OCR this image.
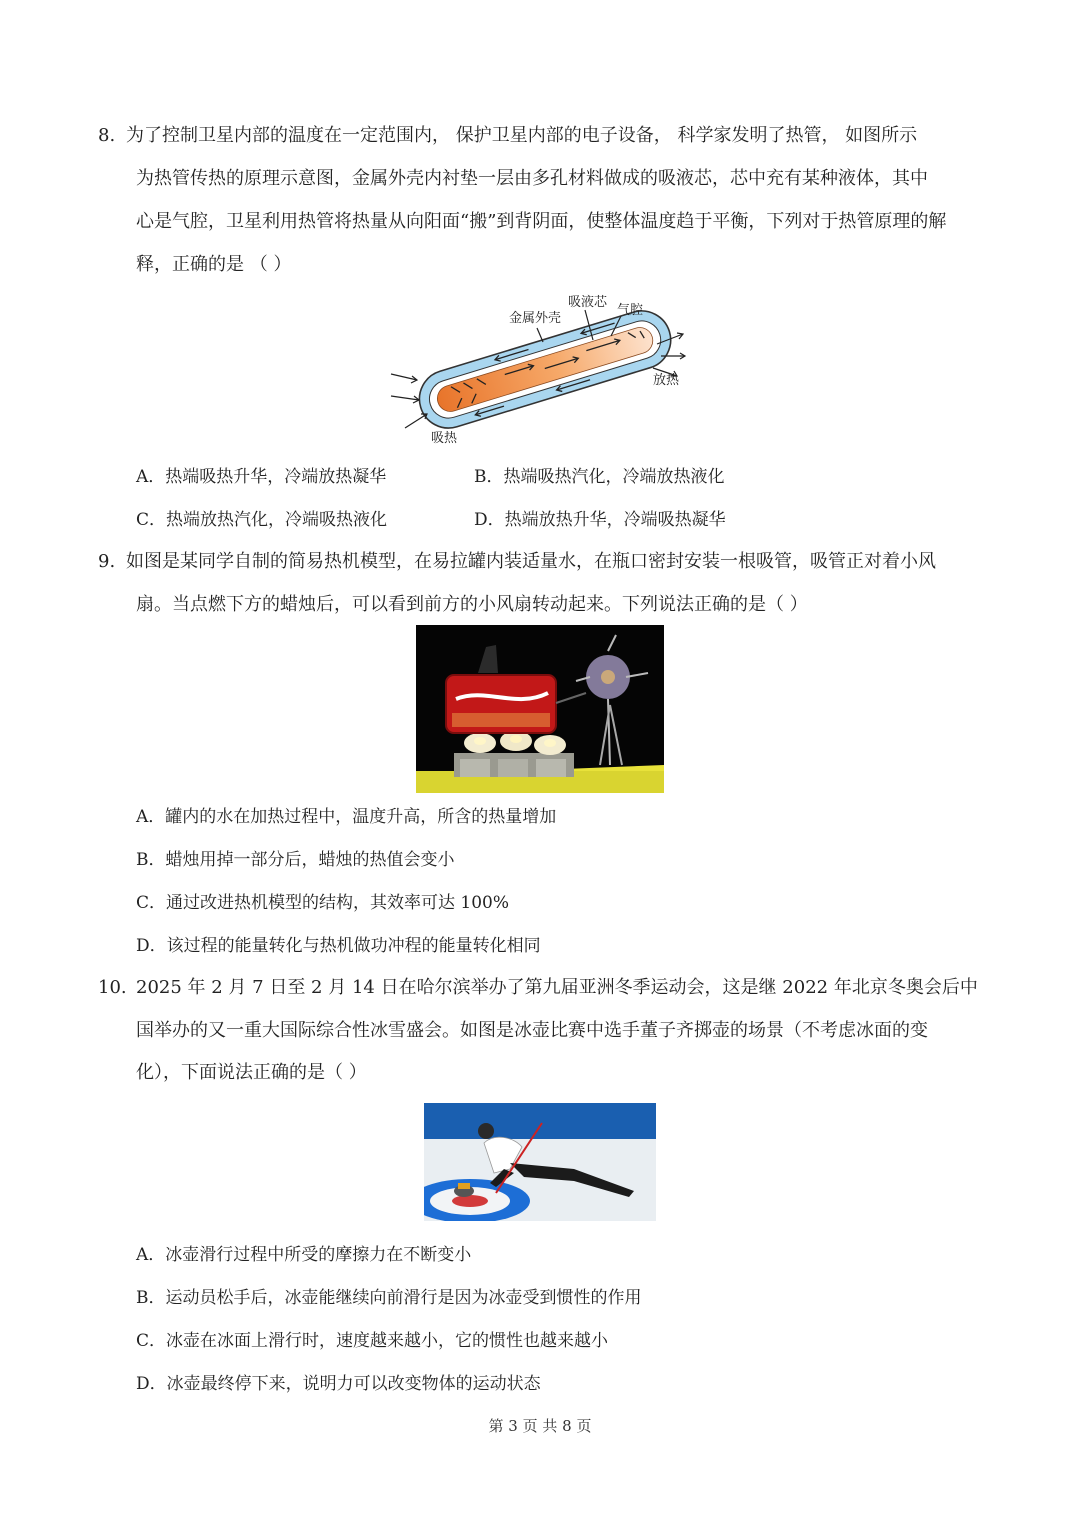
8. 为了控制卫星内部的温度在一定范围内， 保护卫星内部的电子设备， 科学家发明了热管， 如图所示
为热管传热的原理示意图，金属外壳内衬垫一层由多孔材料做成的吸液芯，芯中充有某种液体，其中
心是气腔，卫星利用热管将热量从向阳面“搬”到背阴面，使整体温度趋于平衡，下列对于热管原理的解
释，正确的是 （ ）
金属外壳
吸液芯
气腔
放热
吸热
A．热端吸热升华，冷端放热凝华	B．热端吸热汽化，冷端放热液化
C．热端放热汽化，冷端吸热液化	D．热端放热升华，冷端吸热凝华
9. 如图是某同学自制的简易热机模型，在易拉罐内装适量水，在瓶口密封安装一根吸管，吸管正对着小风
扇。当点燃下方的蜡烛后，可以看到前方的小风扇转动起来。下列说法正确的是（ ）
A．罐内的水在加热过程中，温度升高，所含的热量增加
B．蜡烛用掉一部分后，蜡烛的热值会变小
C．通过改进热机模型的结构，其效率可达 100%
D．该过程的能量转化与热机做功冲程的能量转化相同
10. 2025 年 2 月 7 日至 2 月 14 日在哈尔滨举办了第九届亚洲冬季运动会，这是继 2022 年北京冬奥会后中
国举办的又一重大国际综合性冰雪盛会。如图是冰壶比赛中选手董子齐掷壶的场景（不考虑冰面的变
化），下面说法正确的是（ ）
A．冰壶滑行过程中所受的摩擦力在不断变小
B．运动员松手后，冰壶能继续向前滑行是因为冰壶受到惯性的作用
C．冰壶在冰面上滑行时，速度越来越小，它的惯性也越来越小
D．冰壶最终停下来，说明力可以改变物体的运动状态
第 3 页 共 8 页
